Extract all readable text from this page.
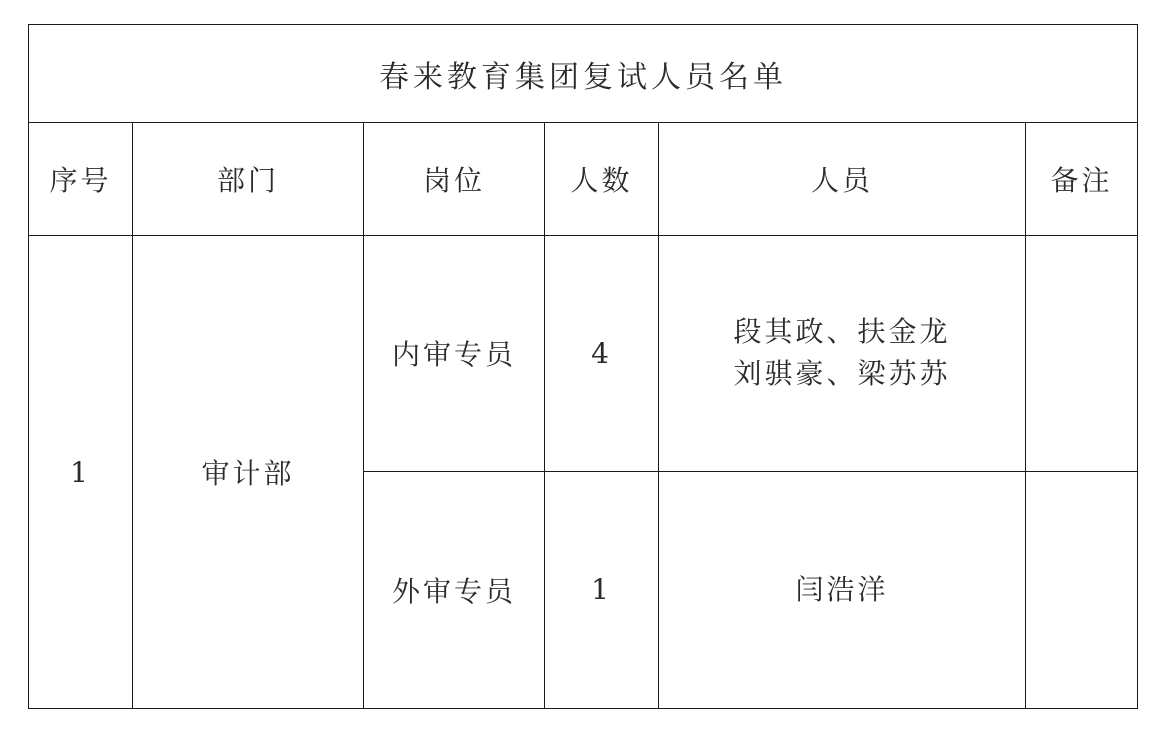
春来教育集团复试人员名单					
序号	部门	岗位	人数	人员	备注
1	审计部	内审专员	4	段其政、扶金龙
刘骐豪、梁苏苏	

		外审专员	1	闫浩洋	
